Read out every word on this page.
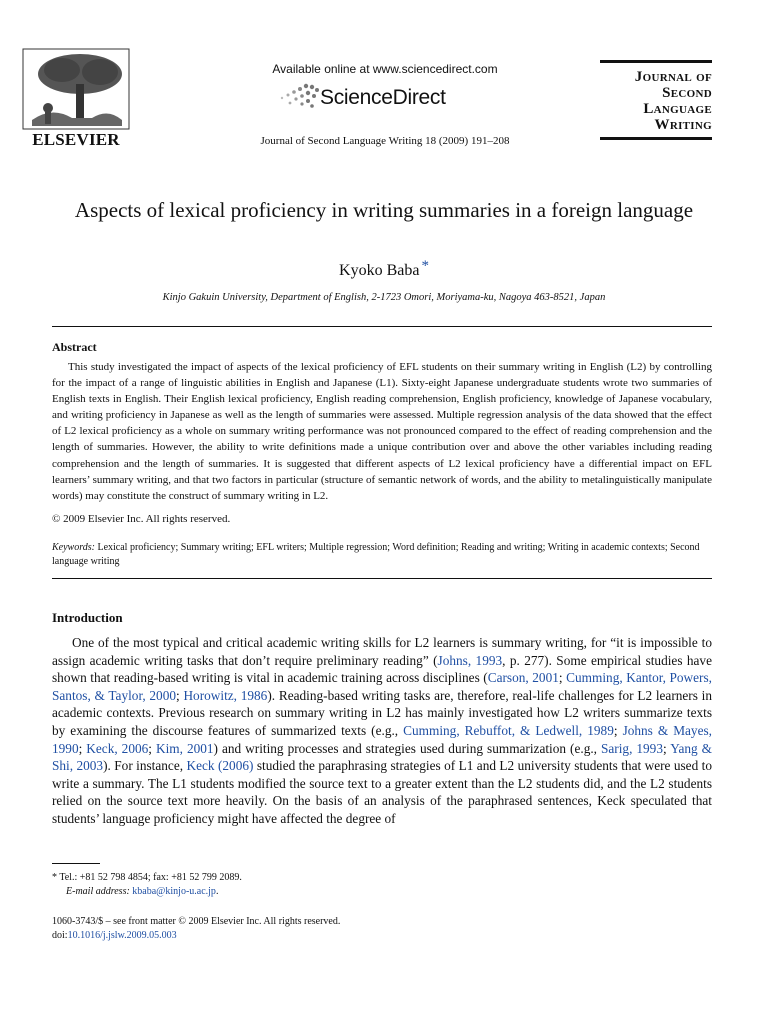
ELSEVIER
Available online at www.sciencedirect.com
ScienceDirect
Journal of Second Language Writing 18 (2009) 191–208
Journal of
Second
Language
Writing
Aspects of lexical proficiency in writing summaries in a foreign language
Kyoko Baba *
Kinjo Gakuin University, Department of English, 2-1723 Omori, Moriyama-ku, Nagoya 463-8521, Japan
Abstract

This study investigated the impact of aspects of the lexical proficiency of EFL students on their summary writing in English (L2) by controlling for the impact of a range of linguistic abilities in English and Japanese (L1). Sixty-eight Japanese undergraduate students wrote two summaries of English texts in English. Their English lexical proficiency, English reading comprehension, English proficiency, knowledge of Japanese vocabulary, and writing proficiency in Japanese as well as the length of summaries were assessed. Multiple regression analysis of the data showed that the effect of L2 lexical proficiency as a whole on summary writing performance was not pronounced compared to the effect of reading comprehension and the length of summaries. However, the ability to write definitions made a unique contribution over and above the other variables including reading comprehension and the length of summaries. It is suggested that different aspects of L2 lexical proficiency have a differential impact on EFL learners’ summary writing, and that two factors in particular (structure of semantic network of words, and the ability to metalinguistically manipulate words) may constitute the construct of summary writing in L2.

© 2009 Elsevier Inc. All rights reserved.
Keywords: Lexical proficiency; Summary writing; EFL writers; Multiple regression; Word definition; Reading and writing; Writing in academic contexts; Second language writing
Introduction

One of the most typical and critical academic writing skills for L2 learners is summary writing, for “it is impossible to assign academic writing tasks that don’t require preliminary reading” (Johns, 1993, p. 277). Some empirical studies have shown that reading-based writing is vital in academic training across disciplines (Carson, 2001; Cumming, Kantor, Powers, Santos, & Taylor, 2000; Horowitz, 1986). Reading-based writing tasks are, therefore, real-life challenges for L2 learners in academic contexts. Previous research on summary writing in L2 has mainly investigated how L2 writers summarize texts by examining the discourse features of summarized texts (e.g., Cumming, Rebuffot, & Ledwell, 1989; Johns & Mayes, 1990; Keck, 2006; Kim, 2001) and writing processes and strategies used during summarization (e.g., Sarig, 1993; Yang & Shi, 2003). For instance, Keck (2006) studied the paraphrasing strategies of L1 and L2 university students that were used to write a summary. The L1 students modified the source text to a greater extent than the L2 students did, and the L2 students relied on the source text more heavily. On the basis of an analysis of the paraphrased sentences, Keck speculated that students’ language proficiency might have affected the degree of

* Tel.: +81 52 798 4854; fax: +81 52 799 2089.
E-mail address: kbaba@kinjo-u.ac.jp.
1060-3743/$ – see front matter © 2009 Elsevier Inc. All rights reserved.
doi:10.1016/j.jslw.2009.05.003
